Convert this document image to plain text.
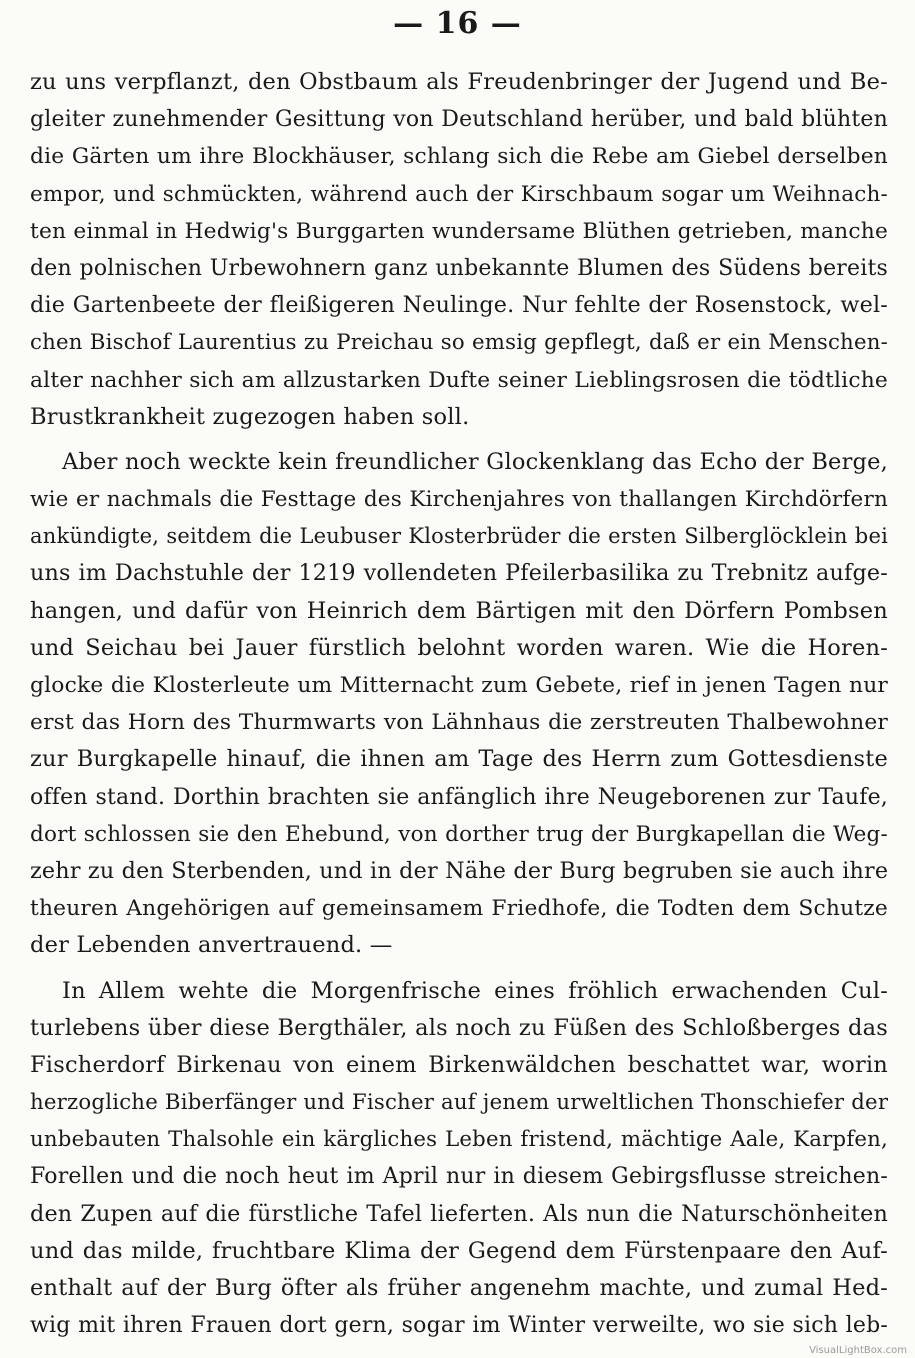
— 16 —
zu uns verpflanzt, den Obstbaum als Freudenbringer der Jugend und Be-
gleiter zunehmender Gesittung von Deutschland herüber, und bald blühten
die Gärten um ihre Blockhäuser, schlang sich die Rebe am Giebel derselben
empor, und schmückten, während auch der Kirschbaum sogar um Weihnach-
ten einmal in Hedwig's Burggarten wundersame Blüthen getrieben, manche
den polnischen Urbewohnern ganz unbekannte Blumen des Südens bereits
die Gartenbeete der fleißigeren Neulinge. Nur fehlte der Rosenstock, wel-
chen Bischof Laurentius zu Preichau so emsig gepflegt, daß er ein Menschen-
alter nachher sich am allzustarken Dufte seiner Lieblingsrosen die tödtliche
Brustkrankheit zugezogen haben soll.
Aber noch weckte kein freundlicher Glockenklang das Echo der Berge,
wie er nachmals die Festtage des Kirchenjahres von thallangen Kirchdörfern
ankündigte, seitdem die Leubuser Klosterbrüder die ersten Silberglöcklein bei
uns im Dachstuhle der 1219 vollendeten Pfeilerbasilika zu Trebnitz aufge-
hangen, und dafür von Heinrich dem Bärtigen mit den Dörfern Pombsen
und Seichau bei Jauer fürstlich belohnt worden waren. Wie die Horen-
glocke die Klosterleute um Mitternacht zum Gebete, rief in jenen Tagen nur
erst das Horn des Thurmwarts von Lähnhaus die zerstreuten Thalbewohner
zur Burgkapelle hinauf, die ihnen am Tage des Herrn zum Gottesdienste
offen stand. Dorthin brachten sie anfänglich ihre Neugeborenen zur Taufe,
dort schlossen sie den Ehebund, von dorther trug der Burgkapellan die Weg-
zehr zu den Sterbenden, und in der Nähe der Burg begruben sie auch ihre
theuren Angehörigen auf gemeinsamem Friedhofe, die Todten dem Schutze
der Lebenden anvertrauend. —
In Allem wehte die Morgenfrische eines fröhlich erwachenden Cul-
turlebens über diese Bergthäler, als noch zu Füßen des Schloßberges das
Fischerdorf Birkenau von einem Birkenwäldchen beschattet war, worin
herzogliche Biberfänger und Fischer auf jenem urweltlichen Thonschiefer der
unbebauten Thalsohle ein kärgliches Leben fristend, mächtige Aale, Karpfen,
Forellen und die noch heut im April nur in diesem Gebirgsflusse streichen-
den Zupen auf die fürstliche Tafel lieferten. Als nun die Naturschönheiten
und das milde, fruchtbare Klima der Gegend dem Fürstenpaare den Auf-
enthalt auf der Burg öfter als früher angenehm machte, und zumal Hed-
wig mit ihren Frauen dort gern, sogar im Winter verweilte, wo sie sich leb-
VisualLightBox.com
